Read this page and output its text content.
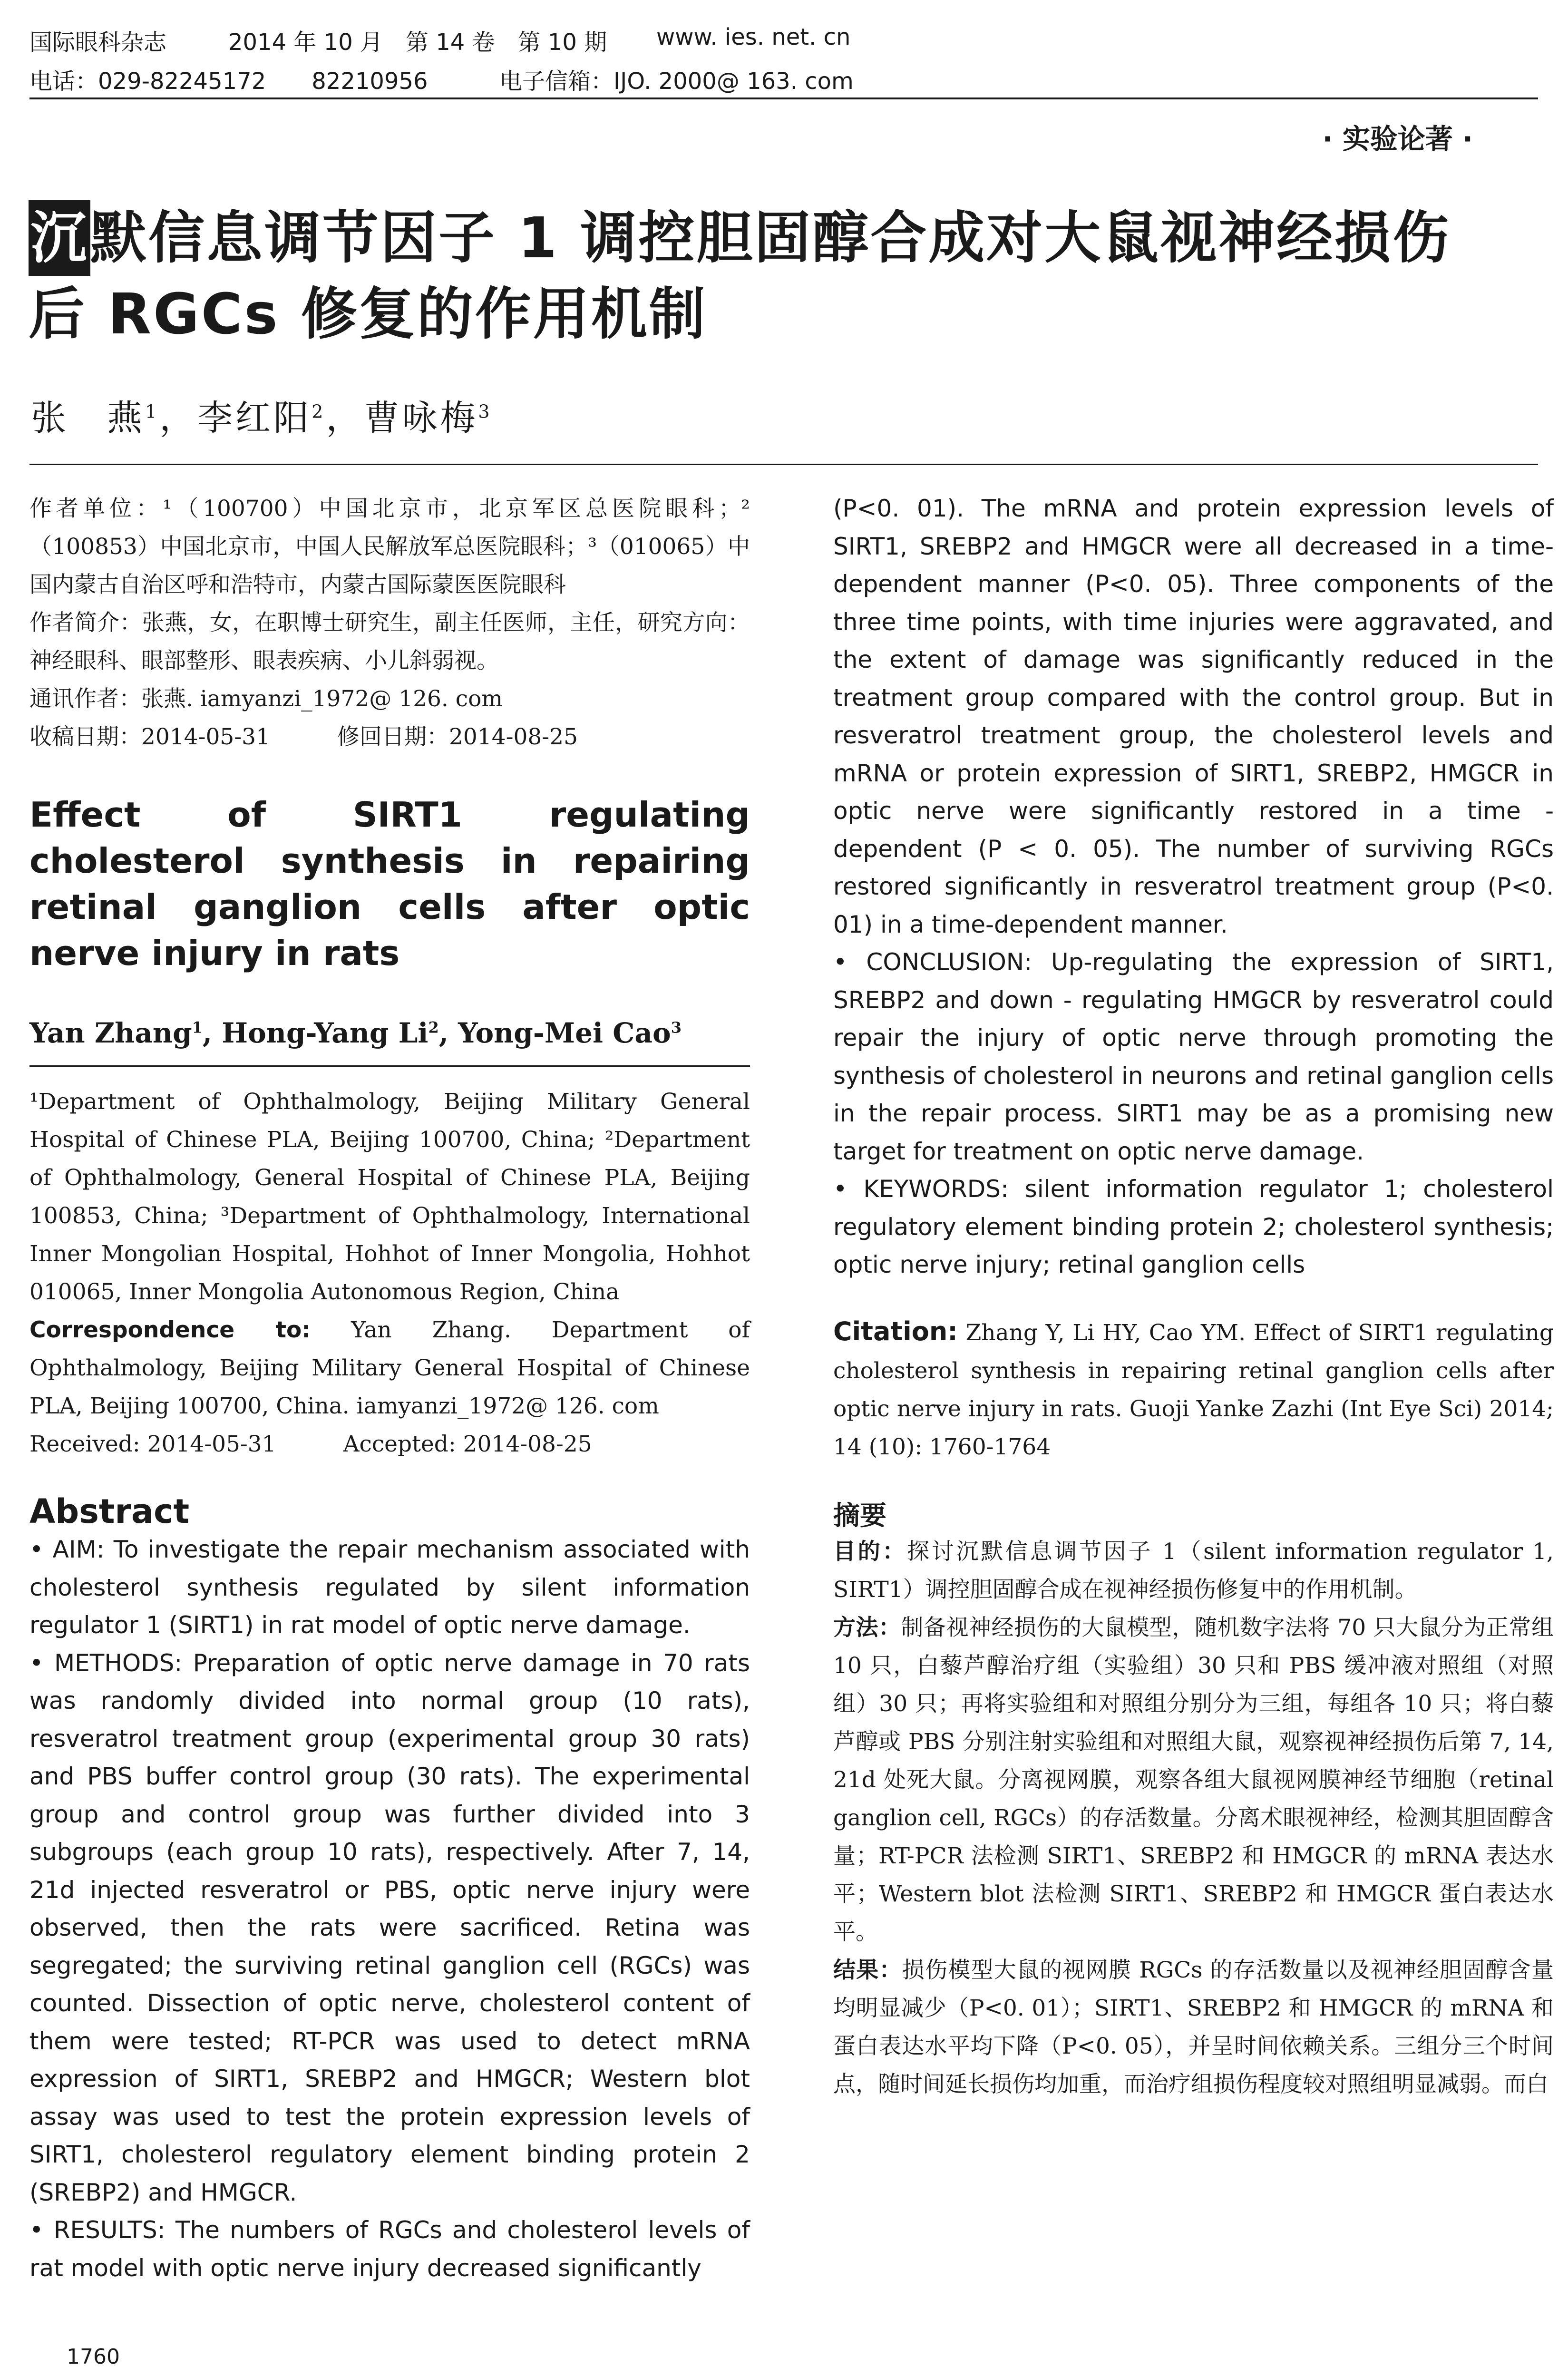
国际眼科杂志	2014 年 10 月　第 14 卷　第 10 期 www. ies. net. cn
电话：029-82245172　　82210956	电子信箱：IJO. 2000@ 163. com
· 实验论著 ·
沉默信息调节因子 1 调控胆固醇合成对大鼠视神经损伤
后 RGCs 修复的作用机制
张　燕$^1$，李红阳$^2$，曹咏梅$^3$

作者单位：¹（100700）中国北京市，北京军区总医院眼科；²（100853）中国北京市，中国人民解放军总医院眼科；³（010065）中国内蒙古自治区呼和浩特市，内蒙古国际蒙医医院眼科

作者简介：张燕，女，在职博士研究生，副主任医师，主任，研究方向：神经眼科、眼部整形、眼表疾病、小儿斜弱视。

通讯作者：张燕. iamyanzi_1972@ 126. com

收稿日期：2014-05-31　　　修回日期：2014-08-25

Effect of SIRT1 regulating cholesterol synthesis in repairing retinal ganglion cells after optic nerve injury in rats

Yan Zhang$^1$, Hong-Yang Li$^2$, Yong-Mei Cao$^3$

¹Department of Ophthalmology, Beijing Military General Hospital of Chinese PLA, Beijing 100700, China; ²Department of Ophthalmology, General Hospital of Chinese PLA, Beijing 100853, China; ³Department of Ophthalmology, International Inner Mongolian Hospital, Hohhot of Inner Mongolia, Hohhot 010065, Inner Mongolia Autonomous Region, China

Correspondence to: Yan Zhang. Department of Ophthalmology, Beijing Military General Hospital of Chinese PLA, Beijing 100700, China. iamyanzi_1972@ 126. com

Received: 2014-05-31　　　Accepted: 2014-08-25

Abstract

• AIM: To investigate the repair mechanism associated with cholesterol synthesis regulated by silent information regulator 1 (SIRT1) in rat model of optic nerve damage.

• METHODS: Preparation of optic nerve damage in 70 rats was randomly divided into normal group (10 rats), resveratrol treatment group (experimental group 30 rats) and PBS buffer control group (30 rats). The experimental group and control group was further divided into 3 subgroups (each group 10 rats), respectively. After 7, 14, 21d injected resveratrol or PBS, optic nerve injury were observed, then the rats were sacrificed. Retina was segregated; the surviving retinal ganglion cell (RGCs) was counted. Dissection of optic nerve, cholesterol content of them were tested; RT-PCR was used to detect mRNA expression of SIRT1, SREBP2 and HMGCR; Western blot assay was used to test the protein expression levels of SIRT1, cholesterol regulatory element binding protein 2 (SREBP2) and HMGCR.

• RESULTS: The numbers of RGCs and cholesterol levels of rat model with optic nerve injury decreased significantly

(P<0. 01). The mRNA and protein expression levels of SIRT1, SREBP2 and HMGCR were all decreased in a time-dependent manner (P<0. 05). Three components of the three time points, with time injuries were aggravated, and the extent of damage was significantly reduced in the treatment group compared with the control group. But in resveratrol treatment group, the cholesterol levels and mRNA or protein expression of SIRT1, SREBP2, HMGCR in optic nerve were significantly restored in a time - dependent (P < 0. 05). The number of surviving RGCs restored significantly in resveratrol treatment group (P<0. 01) in a time-dependent manner.

• CONCLUSION: Up-regulating the expression of SIRT1, SREBP2 and down - regulating HMGCR by resveratrol could repair the injury of optic nerve through promoting the synthesis of cholesterol in neurons and retinal ganglion cells in the repair process. SIRT1 may be as a promising new target for treatment on optic nerve damage.

• KEYWORDS: silent information regulator 1; cholesterol regulatory element binding protein 2; cholesterol synthesis; optic nerve injury; retinal ganglion cells

Citation: Zhang Y, Li HY, Cao YM. Effect of SIRT1 regulating cholesterol synthesis in repairing retinal ganglion cells after optic nerve injury in rats. Guoji Yanke Zazhi (Int Eye Sci) 2014; 14 (10): 1760-1764

摘要

目的：探讨沉默信息调节因子 1（silent information regulator 1, SIRT1）调控胆固醇合成在视神经损伤修复中的作用机制。

方法：制备视神经损伤的大鼠模型，随机数字法将 70 只大鼠分为正常组 10 只，白藜芦醇治疗组（实验组）30 只和 PBS 缓冲液对照组（对照组）30 只；再将实验组和对照组分别分为三组，每组各 10 只；将白藜芦醇或 PBS 分别注射实验组和对照组大鼠，观察视神经损伤后第 7, 14, 21d 处死大鼠。分离视网膜，观察各组大鼠视网膜神经节细胞（retinal ganglion cell, RGCs）的存活数量。分离术眼视神经，检测其胆固醇含量；RT-PCR 法检测 SIRT1、SREBP2 和 HMGCR 的 mRNA 表达水平；Western blot 法检测 SIRT1、SREBP2 和 HMGCR 蛋白表达水平。

结果：损伤模型大鼠的视网膜 RGCs 的存活数量以及视神经胆固醇含量均明显减少（P<0. 01）；SIRT1、SREBP2 和 HMGCR 的 mRNA 和蛋白表达水平均下降（P<0. 05），并呈时间依赖关系。三组分三个时间点，随时间延长损伤均加重，而治疗组损伤程度较对照组明显减弱。而白

1760
